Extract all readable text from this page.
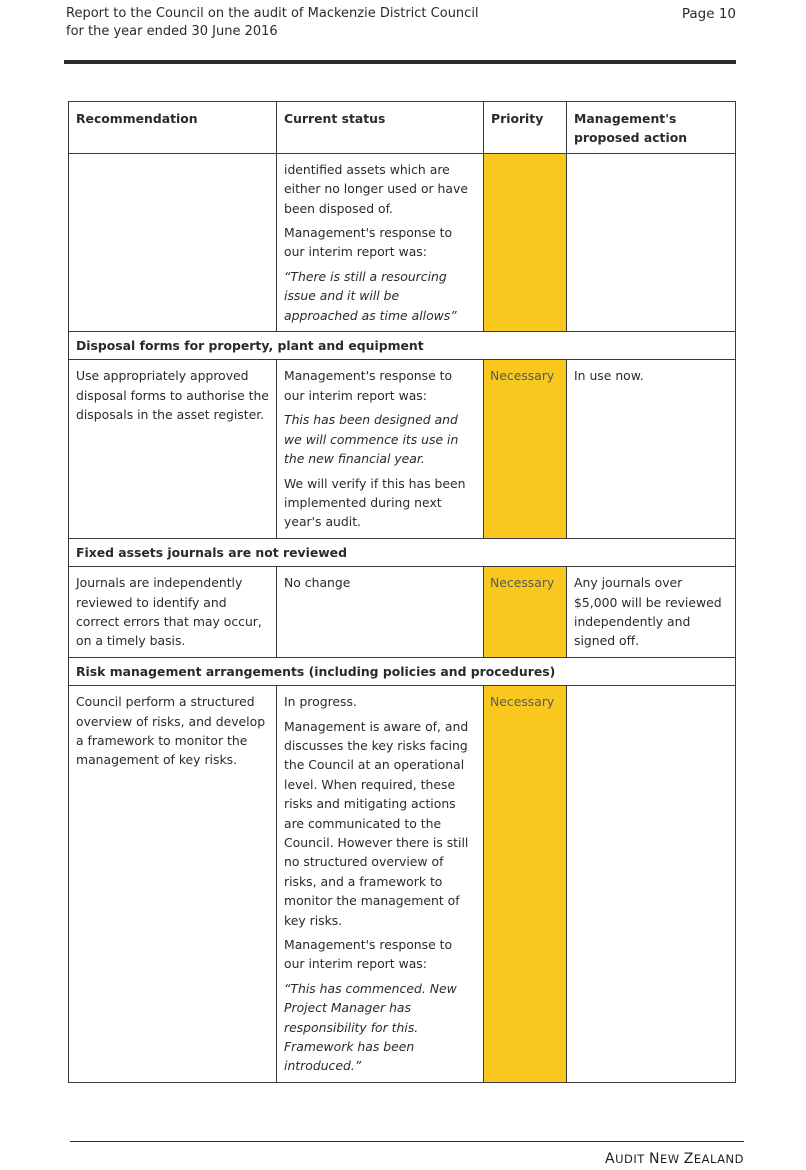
Report to the Council on the audit of Mackenzie District Council
for the year ended 30 June 2016
Page 10
Recommendation	Current status	Priority	Management's proposed action

	identified assets which are either no longer used or have been disposed of.

Management's response to our interim report was:

“There is still a resourcing issue and it will be approached as time allows”		

Disposal forms for property, plant and equipment			
Use appropriately approved disposal forms to authorise the disposals in the asset register.	Management's response to our interim report was:

This has been designed and we will commence its use in the new financial year.

We will verify if this has been implemented during next year's audit.	Necessary	In use now.
Fixed assets journals are not reviewed			
Journals are independently reviewed to identify and correct errors that may occur, on a timely basis.	No change	Necessary	Any journals over $5,000 will be reviewed independently and signed off.
Risk management arrangements (including policies and procedures)			
Council perform a structured overview of risks, and develop a framework to monitor the management of key risks.	In progress.

Management is aware of, and discusses the key risks facing the Council at an operational level. When required, these risks and mitigating actions are communicated to the Council. However there is still no structured overview of risks, and a framework to monitor the management of key risks.

Management's response to our interim report was:

“This has commenced. New Project Manager has responsibility for this. Framework has been introduced.”	Necessary	
AUDIT NEW ZEALAND
